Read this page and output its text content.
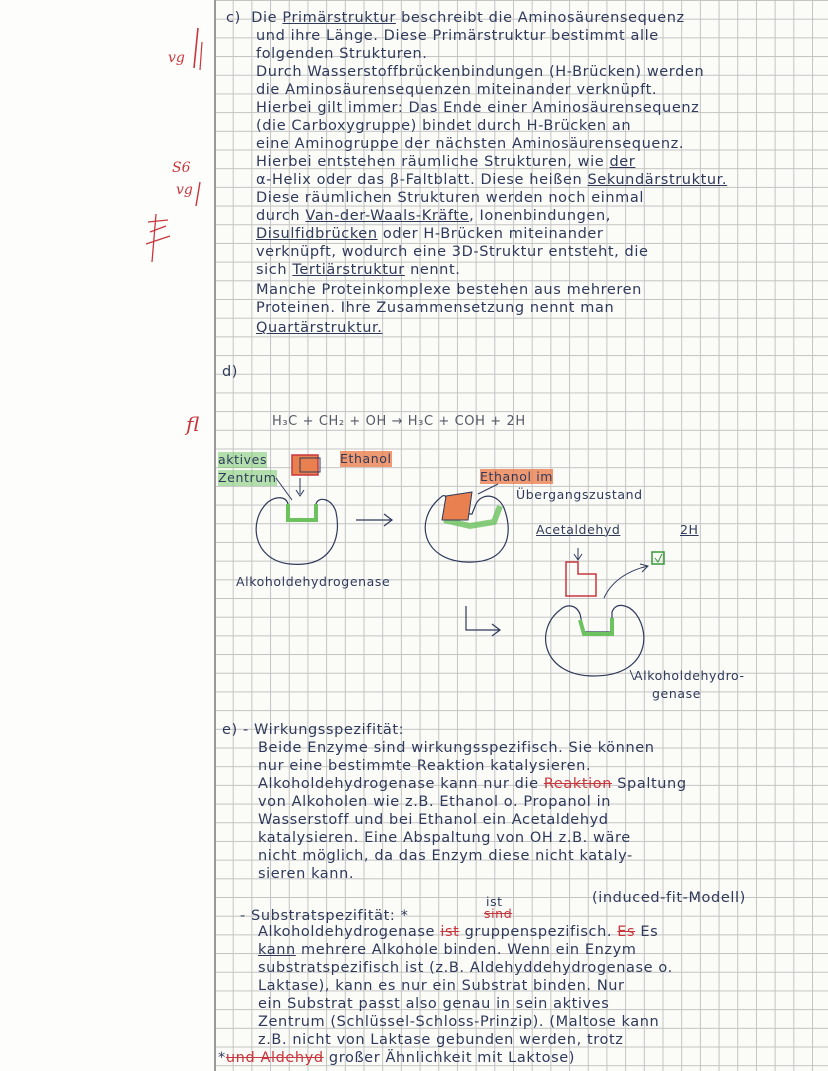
vg
S6
vg
fl
c) Die Primärstruktur beschreibt die Aminosäurensequenz
und ihre Länge. Diese Primärstruktur bestimmt alle
folgenden Strukturen.
Durch Wasserstoffbrückenbindungen (H-Brücken) werden
die Aminosäurensequenzen miteinander verknüpft.
Hierbei gilt immer: Das Ende einer Aminosäurensequenz
(die Carboxygruppe) bindet durch H-Brücken an
eine Aminogruppe der nächsten Aminosäurensequenz.
Hierbei entstehen räumliche Strukturen, wie der
α-Helix oder das β-Faltblatt. Diese heißen Sekundärstruktur.
Diese räumlichen Strukturen werden noch einmal
durch Van-der-Waals-Kräfte, Ionenbindungen,
Disulfidbrücken oder H-Brücken miteinander
verknüpft, wodurch eine 3D-Struktur entsteht, die
sich Tertiärstruktur nennt.
Manche Proteinkomplexe bestehen aus mehreren
Proteinen. Ihre Zusammensetzung nennt man
Quartärstruktur.
d)
H₃C + CH₂ + OH → H₃C + COH + 2H
aktives
Zentrum
Ethanol
Ethanol im
Übergangszustand
Acetaldehyd	2H
Alkoholdehydrogenase
Alkoholdehydro-
genase
e) - Wirkungsspezifität:
Beide Enzyme sind wirkungsspezifisch. Sie können
nur eine bestimmte Reaktion katalysieren.
Alkoholdehydrogenase kann nur die Reaktion Spaltung
von Alkoholen wie z.B. Ethanol o. Propanol in
Wasserstoff und bei Ethanol ein Acetaldehyd
katalysieren. Eine Abspaltung von OH z.B. wäre
nicht möglich, da das Enzym diese nicht kataly-
sieren kann.
ist
sind
(induced-fit-Modell)
- Substratspezifität: *
Alkoholdehydrogenase ist gruppenspezifisch. Es Es
kann mehrere Alkohole binden. Wenn ein Enzym
substratspezifisch ist (z.B. Aldehyddehydrogenase o.
Laktase), kann es nur ein Substrat binden. Nur
ein Substrat passt also genau in sein aktives
Zentrum (Schlüssel-Schloss-Prinzip). (Maltose kann
z.B. nicht von Laktase gebunden werden, trotz
*und Aldehyd großer Ähnlichkeit mit Laktose)
